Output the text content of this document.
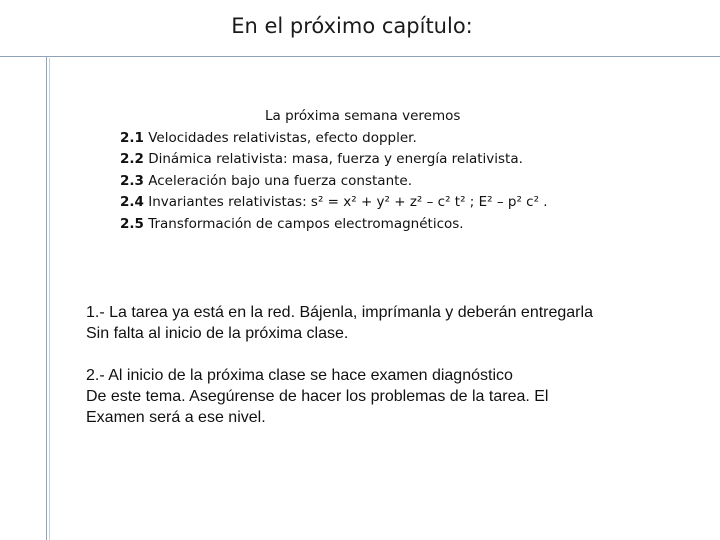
En el próximo capítulo:
La próxima semana veremos
2.1 Velocidades relativistas, efecto doppler.
2.2 Dinámica relativista: masa, fuerza y energía relativista.
2.3 Aceleración bajo una fuerza constante.
2.4 Invariantes relativistas: s² = x² + y² + z² – c² t² ; E² – p² c² .
2.5 Transformación de campos electromagnéticos.
1.- La tarea ya está en la red. Bájenla, imprímanla y deberán entregarla
Sin falta al inicio de la próxima clase.
2.- Al inicio de la próxima clase se hace examen diagnóstico
De este tema. Asegúrense de hacer los problemas de la tarea. El
Examen será a ese nivel.
